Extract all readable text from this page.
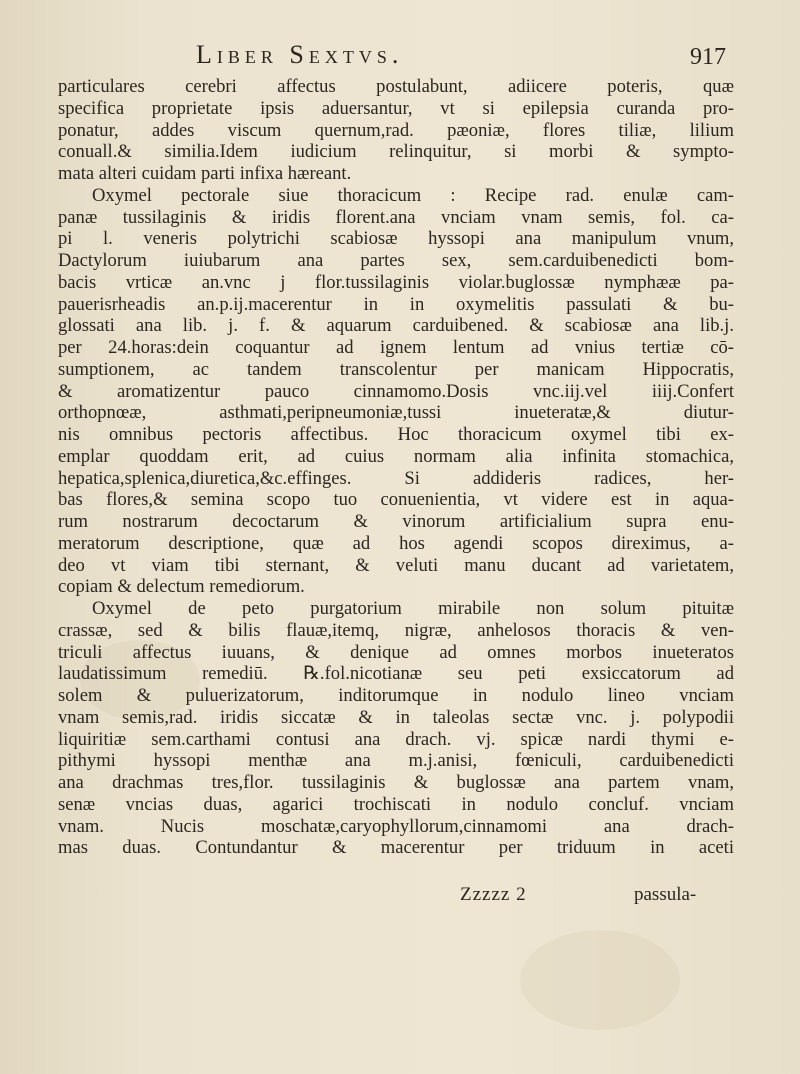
Liber Sextvs.	917
particulares cerebri affectus postulabunt, adiicere poteris, quæ
specifica proprietate ipsis aduersantur, vt si epilepsia curanda pro-
ponatur, addes viscum quernum,rad. pæoniæ, flores tiliæ, lilium
conuall.& similia.Idem iudicium relinquitur, si morbi & sympto-
mata alteri cuidam parti infixa hæreant.
Oxymel pectorale siue thoracicum : Recipe rad. enulæ cam-
panæ tussilaginis & iridis florent.ana vnciam vnam semis, fol. ca-
pi l. veneris polytrichi scabiosæ hyssopi ana manipulum vnum,
Dactylorum iuiubarum ana partes sex, sem.carduibenedicti bom-
bacis vrticæ an.vnc j flor.tussilaginis violar.buglossæ nymphææ pa-
pauerisrheadis an.p.ij.macerentur in in oxymelitis passulati & bu-
glossati ana lib. j. f. & aquarum carduibened. & scabiosæ ana lib.j.
per 24.horas:dein coquantur ad ignem lentum ad vnius tertiæ cō-
sumptionem, ac tandem transcolentur per manicam Hippocratis,
& aromatizentur pauco cinnamomo.Dosis vnc.iij.vel iiij.Confert
orthopnœæ, asthmati,peripneumoniæ,tussi inueteratæ,& diutur-
nis omnibus pectoris affectibus. Hoc thoracicum oxymel tibi ex-
emplar quoddam erit, ad cuius normam alia infinita stomachica,
hepatica,splenica,diuretica,&c.effinges. Si addideris radices, her-
bas flores,& semina scopo tuo conuenientia, vt videre est in aqua-
rum nostrarum decoctarum & vinorum artificialium supra enu-
meratorum descriptione, quæ ad hos agendi scopos direximus, a-
deo vt viam tibi sternant, & veluti manu ducant ad varietatem,
copiam & delectum remediorum.
Oxymel de peto purgatorium mirabile non solum pituitæ
crassæ, sed & bilis flauæ,itemq, nigræ, anhelosos thoracis & ven-
triculi affectus iuuans, & denique ad omnes morbos inueteratos
laudatissimum remediū. ℞.fol.nicotianæ seu peti exsiccatorum ad
solem & puluerizatorum, inditorumque in nodulo lineo vnciam
vnam semis,rad. iridis siccatæ & in taleolas sectæ vnc. j. polypodii
liquiritiæ sem.carthami contusi ana drach. vj. spicæ nardi thymi e-
pithymi hyssopi menthæ ana m.j.anisi, fœniculi, carduibenedicti
ana drachmas tres,flor. tussilaginis & buglossæ ana partem vnam,
senæ vncias duas, agarici trochiscati in nodulo concluf. vnciam
vnam. Nucis moschatæ,caryophyllorum,cinnamomi ana drach-
mas duas. Contundantur & macerentur per triduum in aceti
Zzzzz 2	passula-
